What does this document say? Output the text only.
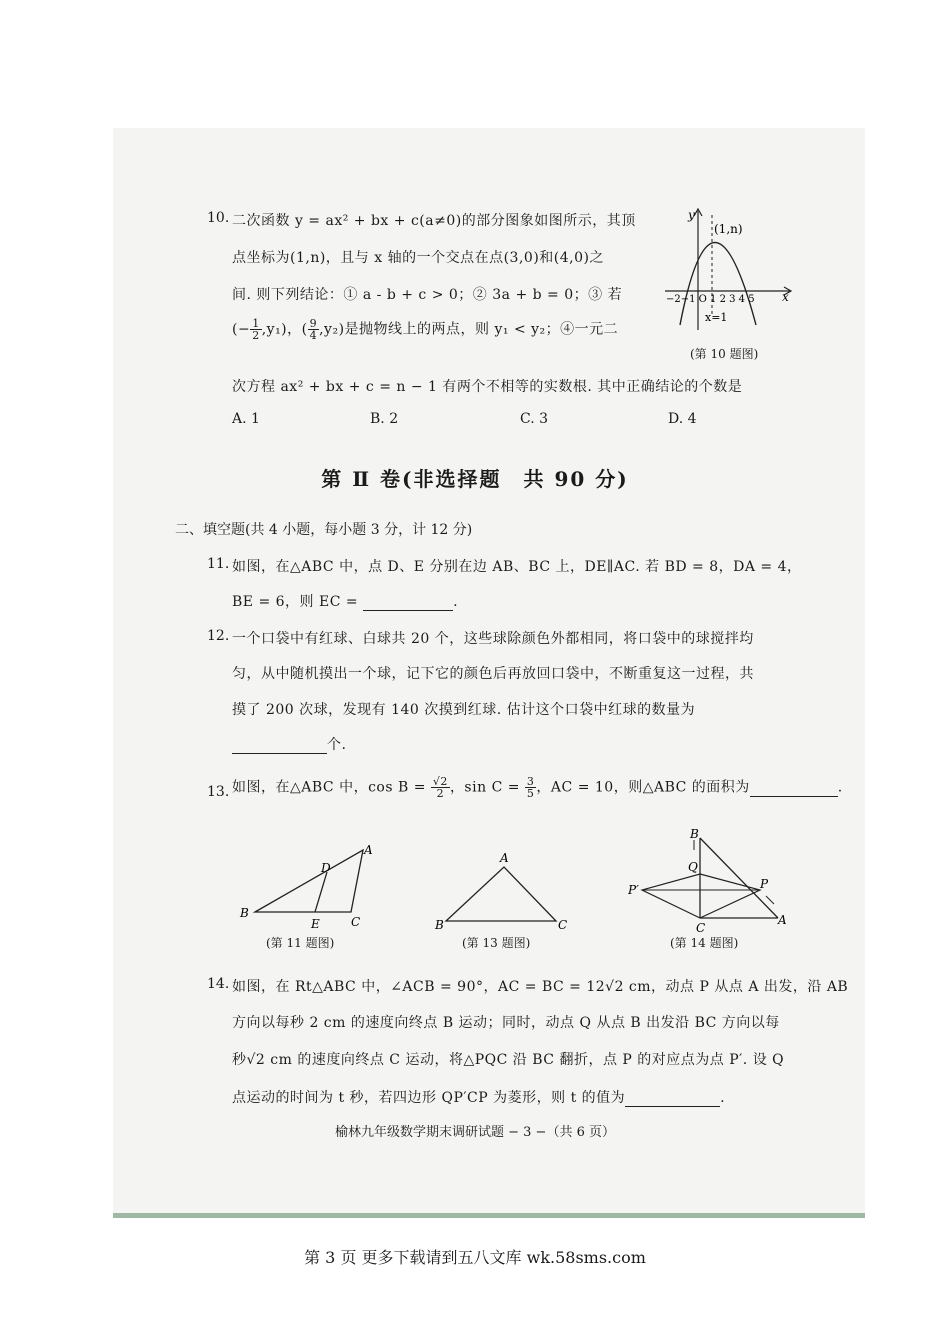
10. 二次函数 y = ax² + bx + c(a≠0)的部分图象如图所示，其顶
点坐标为(1,n)，且与 x 轴的一个交点在点(3,0)和(4,0)之
间. 则下列结论：① a - b + c > 0；② 3a + b = 0；③ 若
(− $\frac{1}{2} ,y_1$)，( $\frac{9}{4} ,y_2$)是抛物线上的两点，则 y₁ < y₂；④一元二
次方程 ax² + bx + c = n − 1 有两个不相等的实数根. 其中正确结论的个数是
A. 1	B. 2	C. 3	D. 4
y
x
(1,n)
x=1
−2−1 O 1 2 3 4 5
(第 10 题图)
第 Ⅱ 卷(非选择题　共 90 分)
二、填空题(共 4 小题，每小题 3 分，计 12 分)
11. 如图，在△ABC 中，点 D、E 分别在边 AB、BC 上，DE∥AC. 若 BD = 8，DA = 4，
BE = 6，则 EC =	.
12. 一个口袋中有红球、白球共 20 个，这些球除颜色外都相同，将口袋中的球搅拌均
匀，从中随机摸出一个球，记下它的颜色后再放回口袋中，不断重复这一过程，共
摸了 200 次球，发现有 140 次摸到红球. 估计这个口袋中红球的数量为
个.
13. 如图，在△ABC 中，$\cos B = \frac{√2}{2}$ ，$\sin C = \frac{3}{5}$ ，AC = 10，则△ABC 的面积为	.
B
A
C
D
E
(第 11 题图)
A
B	C
(第 13 题图)
B
Q
P′	P
C
A
(第 14 题图)
14. 如图，在 Rt△ABC 中，∠ACB = 90°，AC = BC = 12√2 cm，动点 P 从点 A 出发，沿 AB
方向以每秒 2 cm 的速度向终点 B 运动；同时，动点 Q 从点 B 出发沿 BC 方向以每
秒√2 cm 的速度向终点 C 运动，将△PQC 沿 BC 翻折，点 P 的对应点为点 P′. 设 Q
点运动的时间为 t 秒，若四边形 QP′CP 为菱形，则 t 的值为	.
榆林九年级数学期末调研试题 − 3 −（共 6 页）
第 3 页 更多下载请到五八文库 wk.58sms.com
